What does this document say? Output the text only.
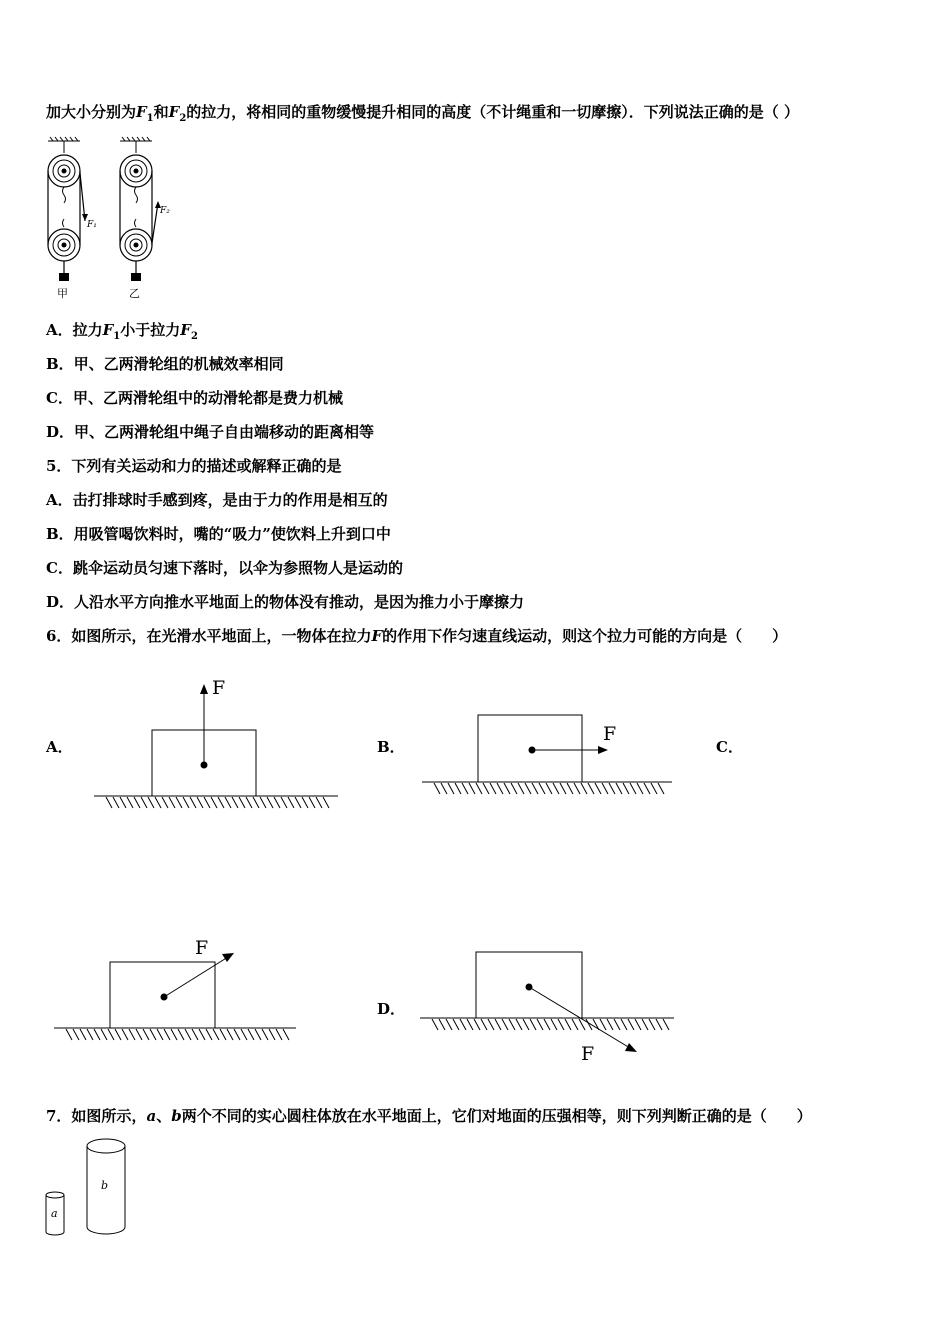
加大小分别为$F_1$和$F_2$的拉力，将相同的重物缓慢提升相同的高度（不计绳重和一切摩擦）．下列说法正确的是（ ）
F₁
甲
F₂
乙
A．拉力$F_1$小于拉力$F_2$
B．甲、乙两滑轮组的机械效率相同
C．甲、乙两滑轮组中的动滑轮都是费力机械
D．甲、乙两滑轮组中绳子自由端移动的距离相等
5．下列有关运动和力的描述或解释正确的是
A．击打排球时手感到疼，是由于力的作用是相互的
B．用吸管喝饮料时，嘴的“吸力”使饮料上升到口中
C．跳伞运动员匀速下落时，以伞为参照物人是运动的
D．人沿水平方向推水平地面上的物体没有推动，是因为推力小于摩擦力
6．如图所示，在光滑水平地面上，一物体在拉力F的作用下作匀速直线运动，则这个拉力可能的方向是（　　）
A．	B．	C．
D．
F
F
F
F
7．如图所示，a、b两个不同的实心圆柱体放在水平地面上，它们对地面的压强相等，则下列判断正确的是（　　）
a
b
